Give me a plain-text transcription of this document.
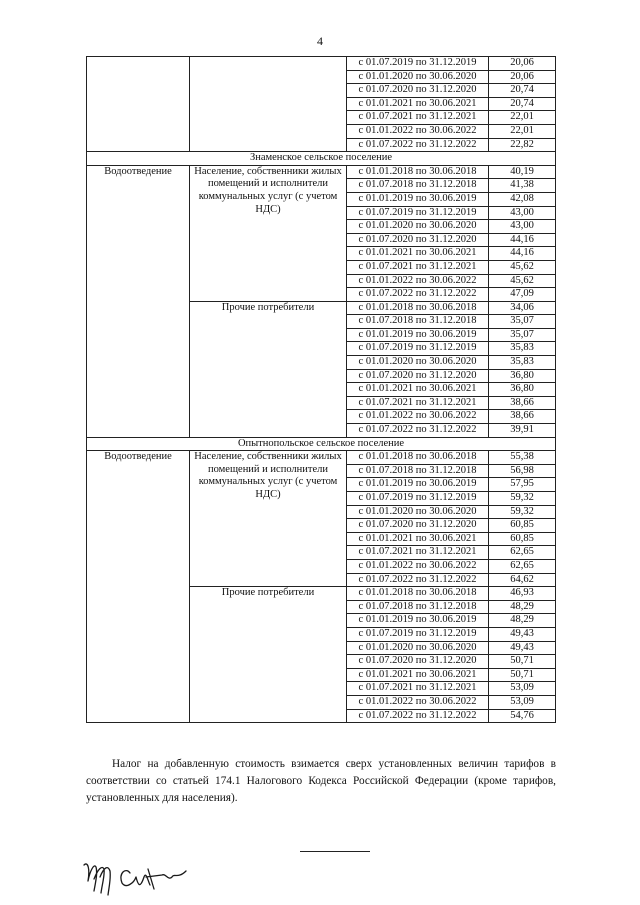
4
		с 01.07.2019 по 31.12.2019	20,06
		с 01.01.2020 по 30.06.2020	20,06
		с 01.07.2020 по 31.12.2020	20,74
		с 01.01.2021 по 30.06.2021	20,74
		с 01.07.2021 по 31.12.2021	22,01
		с 01.01.2022 по 30.06.2022	22,01
		с 01.07.2022 по 31.12.2022	22,82
Знаменское сельское поселение			
Водоотведение	Население, собственники жилых помещений и исполнители коммунальных услуг (с учетом НДС)	с 01.01.2018 по 30.06.2018	40,19
		с 01.07.2018 по 31.12.2018	41,38
		с 01.01.2019 по 30.06.2019	42,08
		с 01.07.2019 по 31.12.2019	43,00
		с 01.01.2020 по 30.06.2020	43,00
		с 01.07.2020 по 31.12.2020	44,16
		с 01.01.2021 по 30.06.2021	44,16
		с 01.07.2021 по 31.12.2021	45,62
		с 01.01.2022 по 30.06.2022	45,62
		с 01.07.2022 по 31.12.2022	47,09
	Прочие потребители	с 01.01.2018 по 30.06.2018	34,06
		с 01.07.2018 по 31.12.2018	35,07
		с 01.01.2019 по 30.06.2019	35,07
		с 01.07.2019 по 31.12.2019	35,83
		с 01.01.2020 по 30.06.2020	35,83
		с 01.07.2020 по 31.12.2020	36,80
		с 01.01.2021 по 30.06.2021	36,80
		с 01.07.2021 по 31.12.2021	38,66
		с 01.01.2022 по 30.06.2022	38,66
		с 01.07.2022 по 31.12.2022	39,91
Опытнопольское сельское поселение			
Водоотведение	Население, собственники жилых помещений и исполнители коммунальных услуг (с учетом НДС)	с 01.01.2018 по 30.06.2018	55,38
		с 01.07.2018 по 31.12.2018	56,98
		с 01.01.2019 по 30.06.2019	57,95
		с 01.07.2019 по 31.12.2019	59,32
		с 01.01.2020 по 30.06.2020	59,32
		с 01.07.2020 по 31.12.2020	60,85
		с 01.01.2021 по 30.06.2021	60,85
		с 01.07.2021 по 31.12.2021	62,65
		с 01.01.2022 по 30.06.2022	62,65
		с 01.07.2022 по 31.12.2022	64,62
	Прочие потребители	с 01.01.2018 по 30.06.2018	46,93
		с 01.07.2018 по 31.12.2018	48,29
		с 01.01.2019 по 30.06.2019	48,29
		с 01.07.2019 по 31.12.2019	49,43
		с 01.01.2020 по 30.06.2020	49,43
		с 01.07.2020 по 31.12.2020	50,71
		с 01.01.2021 по 30.06.2021	50,71
		с 01.07.2021 по 31.12.2021	53,09
		с 01.01.2022 по 30.06.2022	53,09
		с 01.07.2022 по 31.12.2022	54,76

Налог на добавленную стоимость взимается сверх установленных величин тарифов в соответствии со статьей 174.1 Налогового Кодекса Российской Федерации (кроме тарифов, установленных для населения).
